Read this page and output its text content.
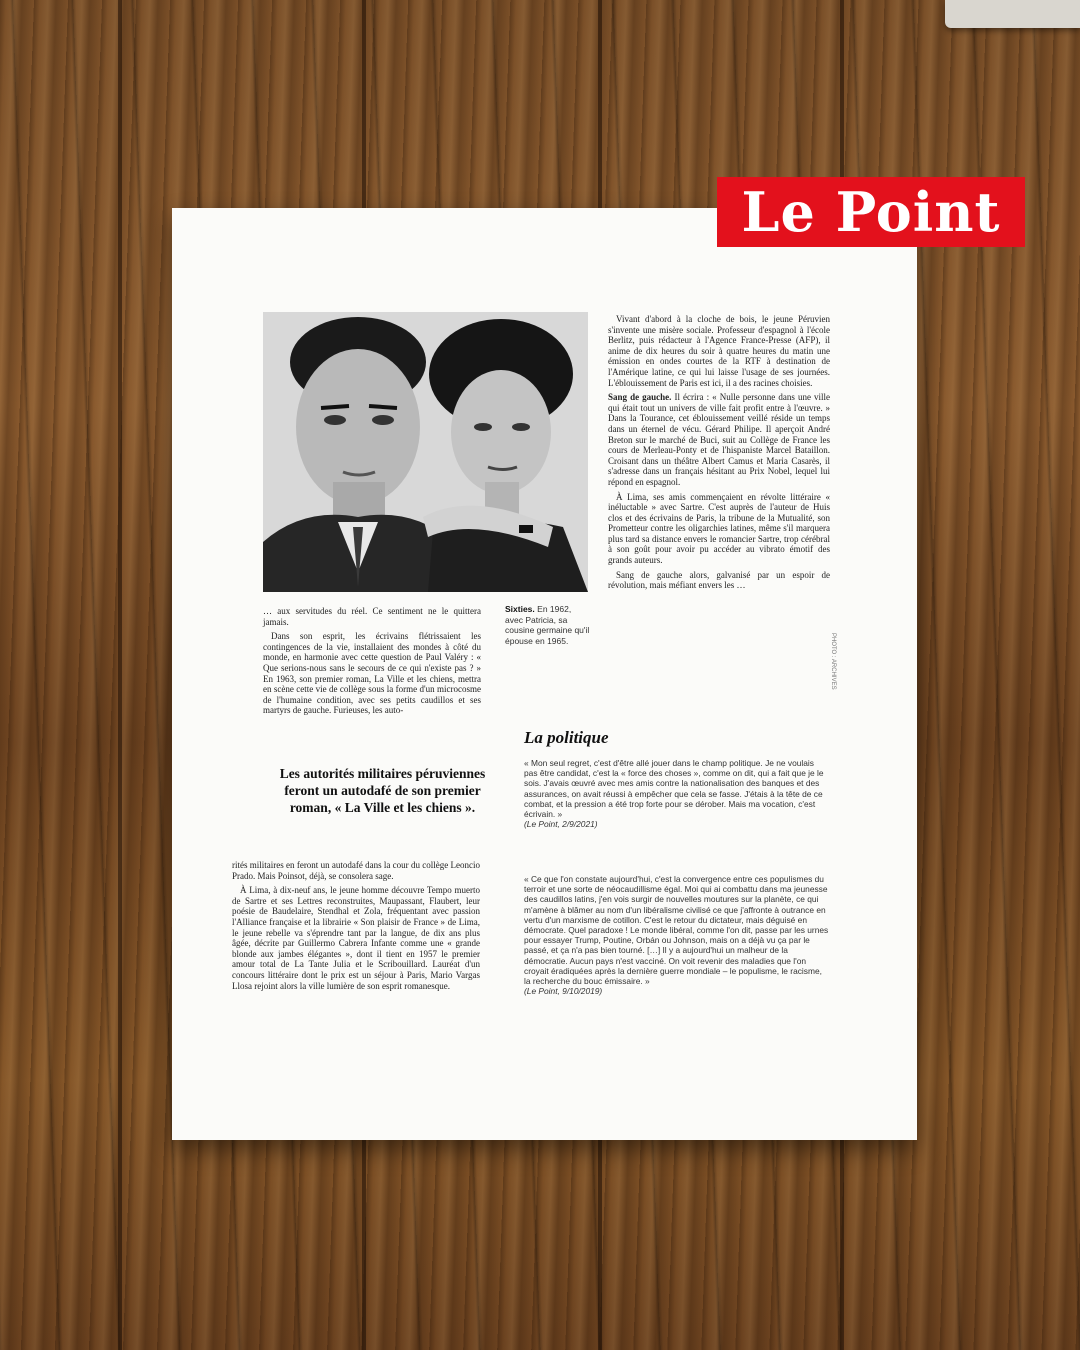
Sixties. En 1962, avec Patricia, sa cousine germaine qu'il épouse en 1965.	PHOTO : ARCHIVES

… aux servitudes du réel. Ce sentiment ne le quittera jamais.

Dans son esprit, les écrivains flétrissaient les contingences de la vie, installaient des mondes à côté du monde, en harmonie avec cette question de Paul Valéry : « Que serions-nous sans le secours de ce qui n'existe pas ? » En 1963, son premier roman, La Ville et les chiens, mettra en scène cette vie de collège sous la forme d'un microcosme de l'humaine condition, avec ses petits caudillos et ses martyrs de gauche. Furieuses, les auto-

Les autorités militaires péruviennes feront un autodafé de son premier roman, « La Ville et les chiens ».

rités militaires en feront un autodafé dans la cour du collège Leoncio Prado. Mais Poinsot, déjà, se consolera sage.

À Lima, à dix-neuf ans, le jeune homme découvre Tempo muerto de Sartre et ses Lettres reconstruites, Maupassant, Flaubert, leur poésie de Baudelaire, Stendhal et Zola, fréquentant avec passion l'Alliance française et la librairie « Son plaisir de France » de Lima, le jeune rebelle va s'éprendre tant par la langue, de dix ans plus âgée, décrite par Guillermo Cabrera Infante comme une « grande blonde aux jambes élégantes », dont il tient en 1957 le premier amour total de La Tante Julia et le Scribouillard. Lauréat d'un concours littéraire dont le prix est un séjour à Paris, Mario Vargas Llosa rejoint alors la ville lumière de son esprit romanesque.

Vivant d'abord à la cloche de bois, le jeune Péruvien s'invente une misère sociale. Professeur d'espagnol à l'école Berlitz, puis rédacteur à l'Agence France-Presse (AFP), il anime de dix heures du soir à quatre heures du matin une émission en ondes courtes de la RTF à destination de l'Amérique latine, ce qui lui laisse l'usage de ses journées. L'éblouissement de Paris est ici, il a des racines choisies.

Sang de gauche. Il écrira : « Nulle personne dans une ville qui était tout un univers de ville fait profit entre à l'œuvre. » Dans la Tourance, cet éblouissement veillé réside un temps dans un éternel de vécu. Gérard Philipe. Il aperçoit André Breton sur le marché de Buci, suit au Collège de France les cours de Merleau-Ponty et de l'hispaniste Marcel Bataillon. Croisant dans un théâtre Albert Camus et Maria Casarès, il s'adresse dans un français hésitant au Prix Nobel, lequel lui répond en espagnol.

À Lima, ses amis commençaient en révolte littéraire « inéluctable » avec Sartre. C'est auprès de l'auteur de Huis clos et des écrivains de Paris, la tribune de la Mutualité, son Prometteur contre les oligarchies latines, même s'il marquera plus tard sa distance envers le romancier Sartre, trop cérébral à son goût pour avoir pu accéder au vibrato émotif des grands auteurs.

Sang de gauche alors, galvanisé par un espoir de révolution, mais méfiant envers les …

La politique

« Mon seul regret, c'est d'être allé jouer dans le champ politique. Je ne voulais pas être candidat, c'est la « force des choses », comme on dit, qui a fait que je le sois. J'avais œuvré avec mes amis contre la nationalisation des banques et des assurances, on avait réussi à empêcher que cela se fasse. J'étais à la tête de ce combat, et la pression a été trop forte pour se dérober. Mais ma vocation, c'est écrivain. »

(Le Point, 2/9/2021)

« Ce que l'on constate aujourd'hui, c'est la convergence entre ces populismes du terroir et une sorte de néocaudillisme égal. Moi qui ai combattu dans ma jeunesse des caudillos latins, j'en vois surgir de nouvelles moutures sur la planète, ce qui m'amène à blâmer au nom d'un libéralisme civilisé ce que j'affronte à outrance en vertu d'un marxisme de cotillon. C'est le retour du dictateur, mais déguisé en démocrate. Quel paradoxe ! Le monde libéral, comme l'on dit, passe par les urnes pour essayer Trump, Poutine, Orbán ou Johnson, mais on a déjà vu ça par le passé, et ça n'a pas bien tourné. […] Il y a aujourd'hui un malheur de la démocratie. Aucun pays n'est vacciné. On voit revenir des maladies que l'on croyait éradiquées après la dernière guerre mondiale – le populisme, le racisme, la recherche du bouc émissaire. »

(Le Point, 9/10/2019)

Le Point
